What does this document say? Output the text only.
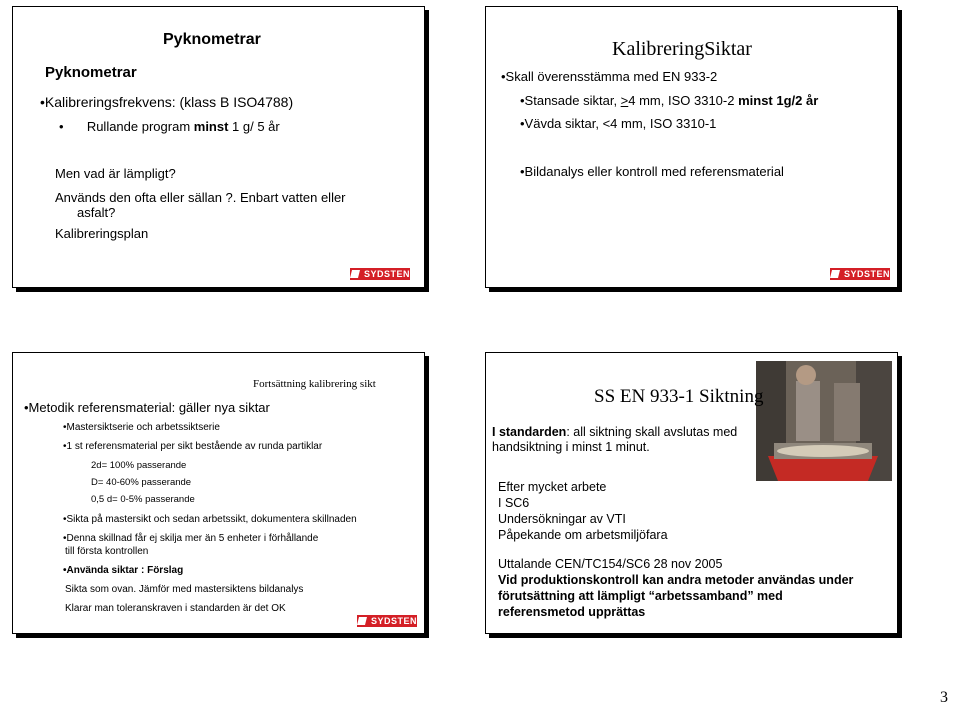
Pyknometrar
Pyknometrar
•Kalibreringsfrekvens: (klass B ISO4788)
• Rullande program minst 1 g/ 5 år
Men vad är lämpligt?
Används den ofta eller sällan ?. Enbart vatten eller
asfalt?
Kalibreringsplan
SYDSTEN
KalibreringSiktar
•Skall överensstämma med EN 933-2
•Stansade siktar, >4 mm, ISO 3310-2 minst 1g/2 år
•Vävda siktar, <4 mm, ISO 3310-1
•Bildanalys eller kontroll med referensmaterial
SYDSTEN
Fortsättning kalibrering sikt
•Metodik referensmaterial: gäller nya siktar
•Mastersiktserie och arbetssiktserie
•1 st referensmaterial per sikt bestående av runda partiklar
2d= 100% passerande
D= 40-60% passerande
0,5 d= 0-5% passerande
•Sikta på mastersikt och sedan arbetssikt, dokumentera skillnaden
•Denna skillnad får ej skilja mer än 5 enheter i förhållande
till första kontrollen
•Använda siktar : Förslag
Sikta som ovan. Jämför med mastersiktens bildanalys
Klarar man toleranskraven i standarden är det OK
SYDSTEN
SS EN 933-1 Siktning
I standarden: all siktning skall avslutas med
handsiktning i minst 1 minut.
Efter mycket arbete
I SC6
Undersökningar av VTI
Påpekande om arbetsmiljöfara
Uttalande CEN/TC154/SC6 28 nov 2005
Vid produktionskontroll kan andra metoder användas under
förutsättning att lämpligt “arbetssamband” med
referensmetod upprättas
3
